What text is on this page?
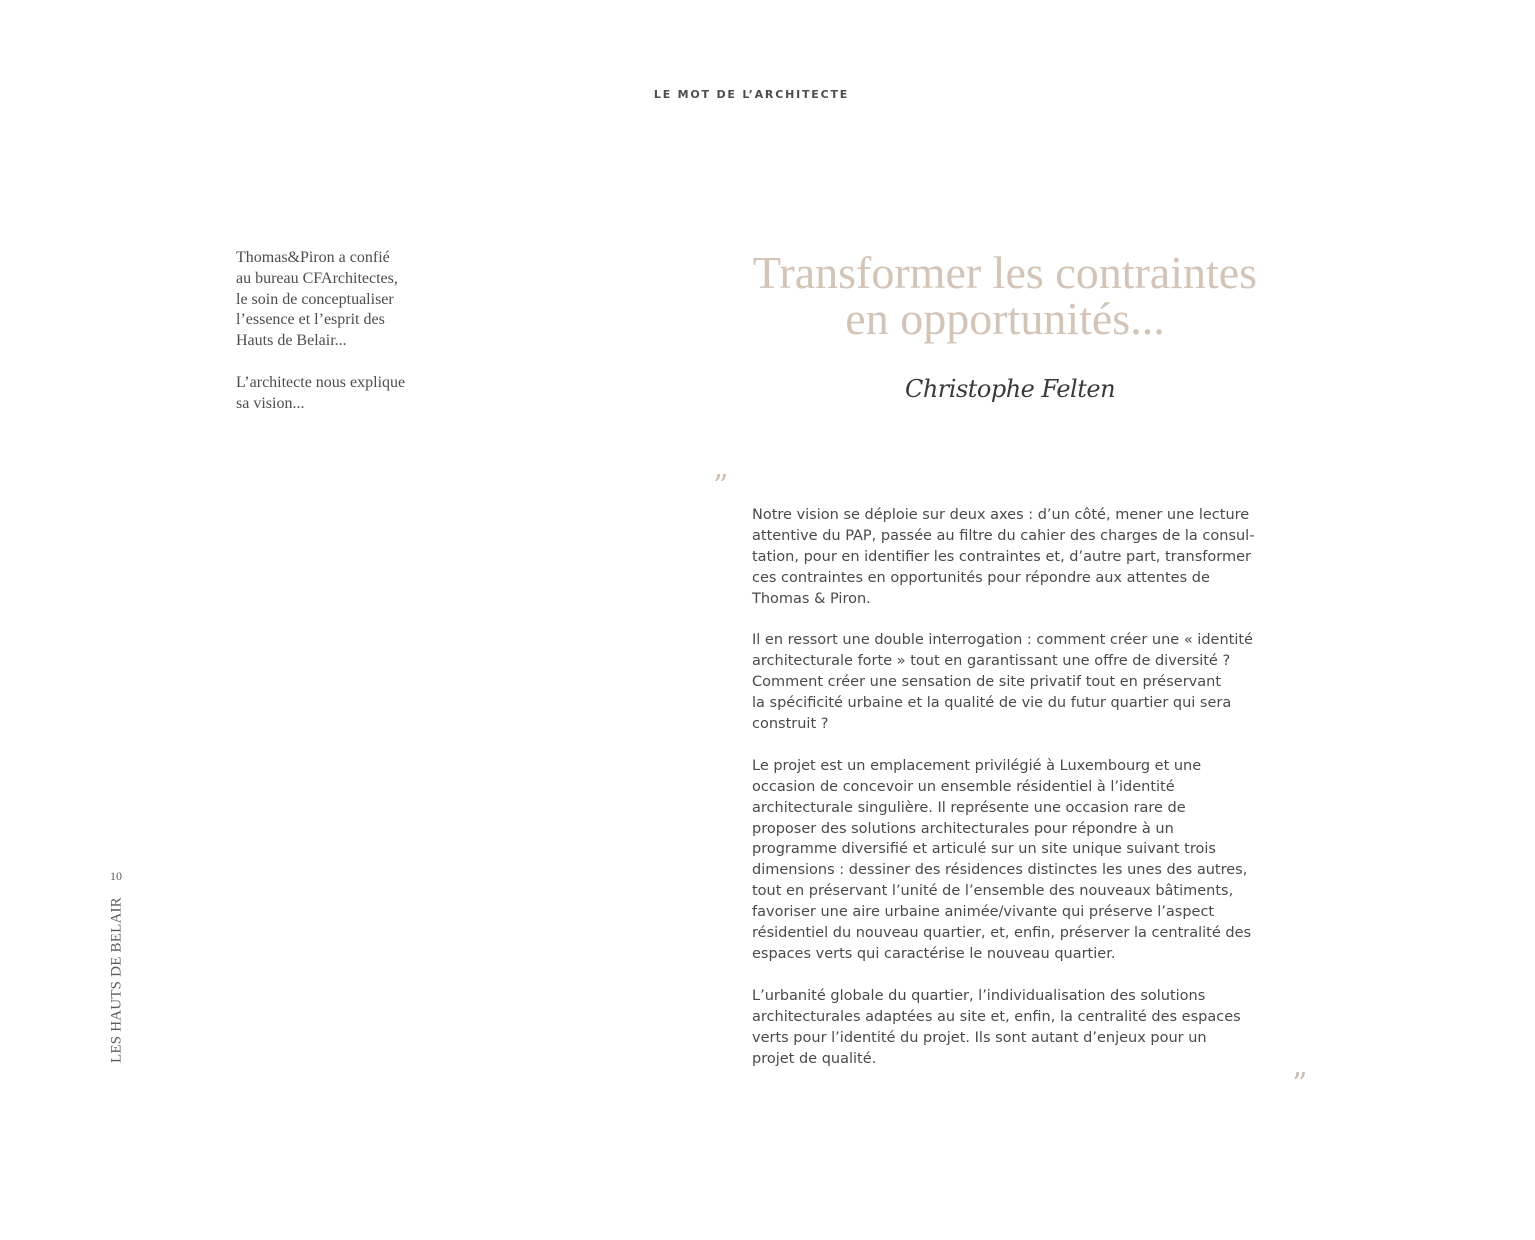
LE MOT DE L’ARCHITECTE

Thomas&Piron a confié
au bureau CFArchitectes,
le soin de conceptualiser
l’essence et l’esprit des
Hauts de Belair...

L’architecte nous explique
sa vision...

Transformer les contraintes
en opportunités...
Christophe Felten
”

Notre vision se déploie sur deux axes : d’un côté, mener une lecture
attentive du PAP, passée au filtre du cahier des charges de la consul-
tation, pour en identifier les contraintes et, d’autre part, transformer
ces contraintes en opportunités pour répondre aux attentes de
Thomas & Piron.

Il en ressort une double interrogation : comment créer une « identité
architecturale forte » tout en garantissant une offre de diversité ?
Comment créer une sensation de site privatif tout en préservant
la spécificité urbaine et la qualité de vie du futur quartier qui sera
construit ?

Le projet est un emplacement privilégié à Luxembourg et une
occasion de concevoir un ensemble résidentiel à l’identité
architecturale singulière. Il représente une occasion rare de
proposer des solutions architecturales pour répondre à un
programme diversifié et articulé sur un site unique suivant trois
dimensions : dessiner des résidences distinctes les unes des autres,
tout en préservant l’unité de l’ensemble des nouveaux bâtiments,
favoriser une aire urbaine animée/vivante qui préserve l’aspect
résidentiel du nouveau quartier, et, enfin, préserver la centralité des
espaces verts qui caractérise le nouveau quartier.

L’urbanité globale du quartier, l’individualisation des solutions
architecturales adaptées au site et, enfin, la centralité des espaces
verts pour l’identité du projet. Ils sont autant d’enjeux pour un
projet de qualité.

”
10
LES HAUTS DE BELAIR
